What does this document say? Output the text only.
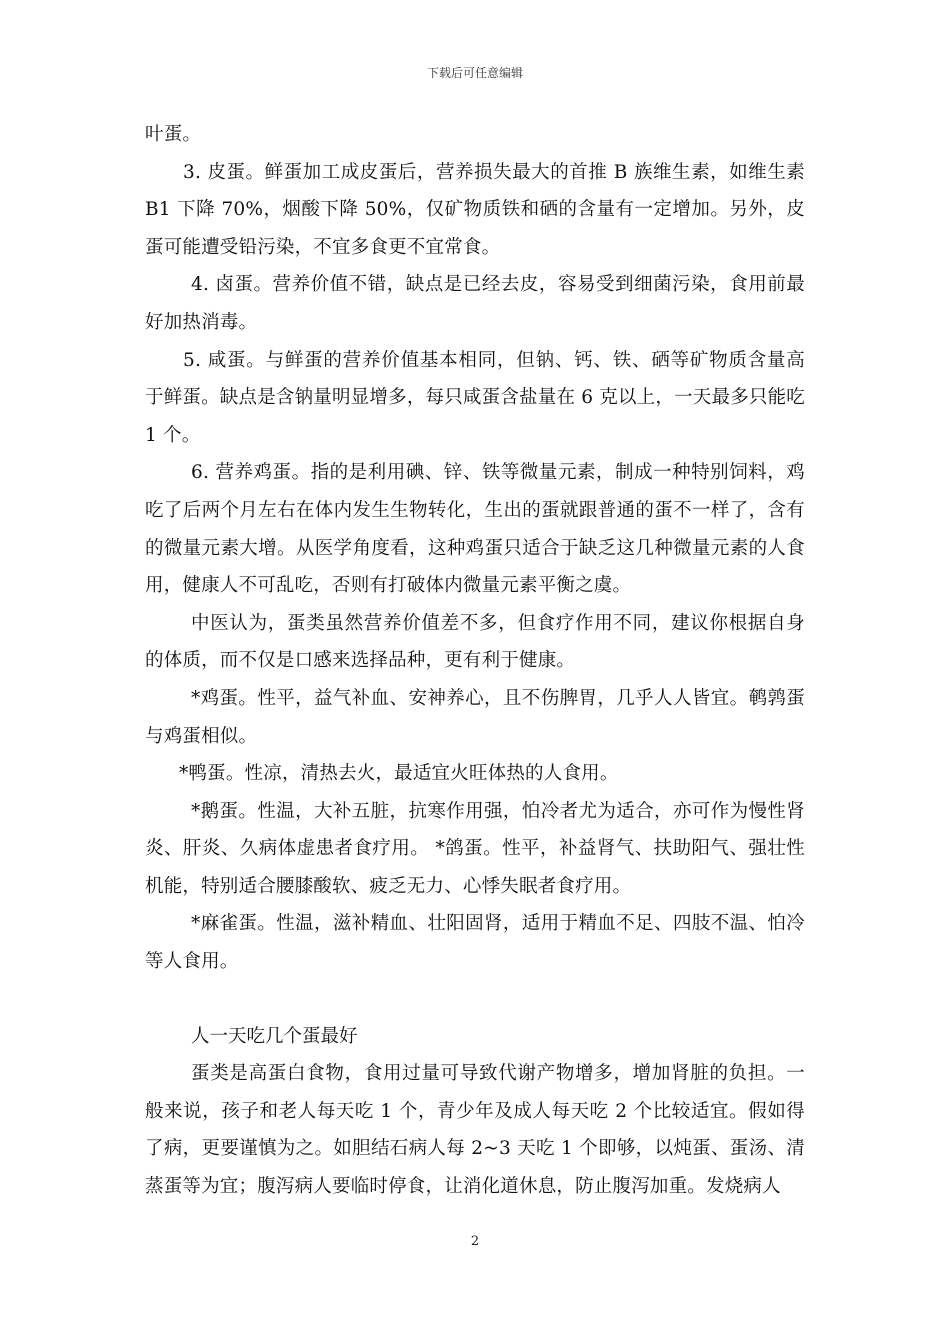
下载后可任意编辑

叶蛋。

3. 皮蛋。鲜蛋加工成皮蛋后，营养损失最大的首推 B 族维生素，如维生素 B1 下降 70%，烟酸下降 50%，仅矿物质铁和硒的含量有一定增加。另外，皮蛋可能遭受铅污染，不宜多食更不宜常食。

4. 卤蛋。营养价值不错，缺点是已经去皮，容易受到细菌污染，食用前最好加热消毒。

5. 咸蛋。与鲜蛋的营养价值基本相同，但钠、钙、铁、硒等矿物质含量高于鲜蛋。缺点是含钠量明显增多，每只咸蛋含盐量在 6 克以上，一天最多只能吃 1 个。

6. 营养鸡蛋。指的是利用碘、锌、铁等微量元素，制成一种特别饲料，鸡吃了后两个月左右在体内发生生物转化，生出的蛋就跟普通的蛋不一样了，含有的微量元素大增。从医学角度看，这种鸡蛋只适合于缺乏这几种微量元素的人食用，健康人不可乱吃，否则有打破体内微量元素平衡之虞。

中医认为，蛋类虽然营养价值差不多，但食疗作用不同，建议你根据自身的体质，而不仅是口感来选择品种，更有利于健康。

*鸡蛋。性平，益气补血、安神养心，且不伤脾胃，几乎人人皆宜。鹌鹑蛋与鸡蛋相似。

*鸭蛋。性凉，清热去火，最适宜火旺体热的人食用。

*鹅蛋。性温，大补五脏，抗寒作用强，怕冷者尤为适合，亦可作为慢性肾炎、肝炎、久病体虚患者食疗用。 *鸽蛋。性平，补益肾气、扶助阳气、强壮性机能，特别适合腰膝酸软、疲乏无力、心悸失眠者食疗用。

*麻雀蛋。性温，滋补精血、壮阳固肾，适用于精血不足、四肢不温、怕冷等人食用。

人一天吃几个蛋最好

蛋类是高蛋白食物，食用过量可导致代谢产物增多，增加肾脏的负担。一般来说，孩子和老人每天吃 1 个，青少年及成人每天吃 2 个比较适宜。假如得了病，更要谨慎为之。如胆结石病人每 2~3 天吃 1 个即够，以炖蛋、蛋汤、清蒸蛋等为宜；腹泻病人要临时停食，让消化道休息，防止腹泻加重。发烧病人

2
